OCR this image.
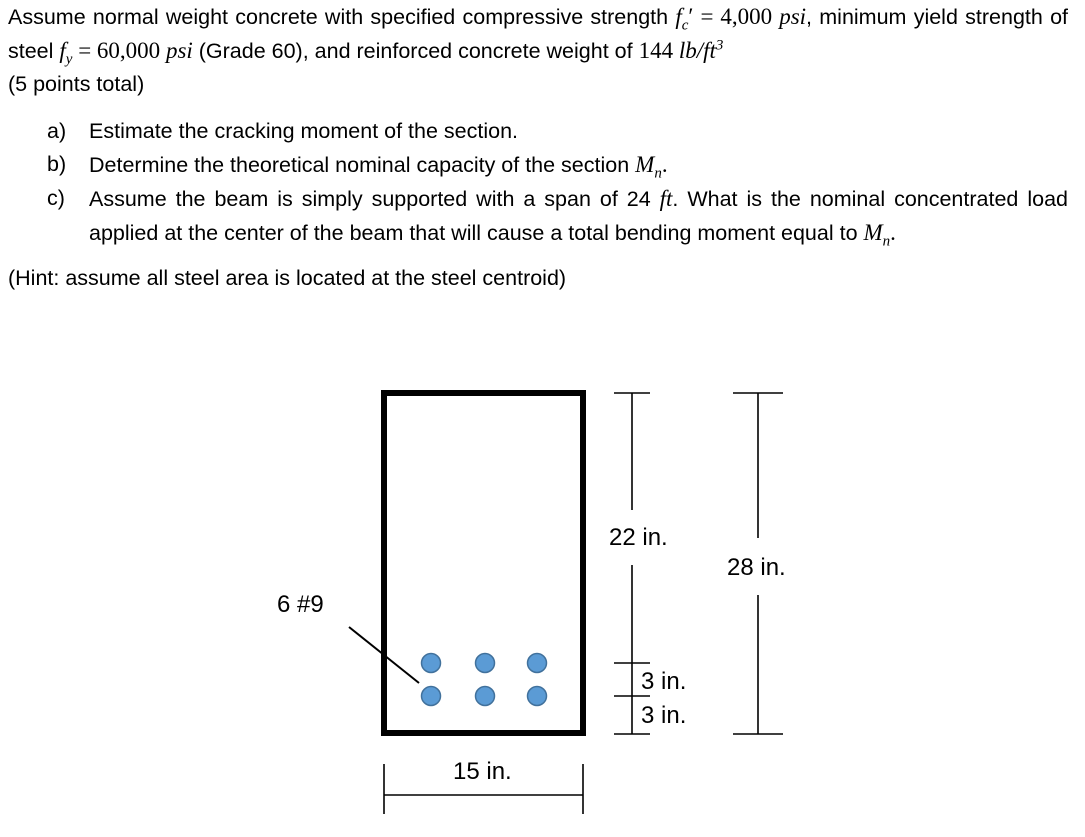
Assume normal weight concrete with specified compressive strength $f_c' = 4,000$ psi, minimum yield strength of steel $f_y = 60,000$ psi (Grade 60), and reinforced concrete weight of 144 $lb/ft^3$

(5 points total)

a) Estimate the cracking moment of the section.
b) Determine the theoretical nominal capacity of the section $M_n$.
c) Assume the beam is simply supported with a span of 24 ft. What is the nominal concentrated load applied at the center of the beam that will cause a total bending moment equal to $M_n$.

(Hint: assume all steel area is located at the steel centroid)

6 #9
22 in.
28 in.
3 in.
3 in.
15 in.
